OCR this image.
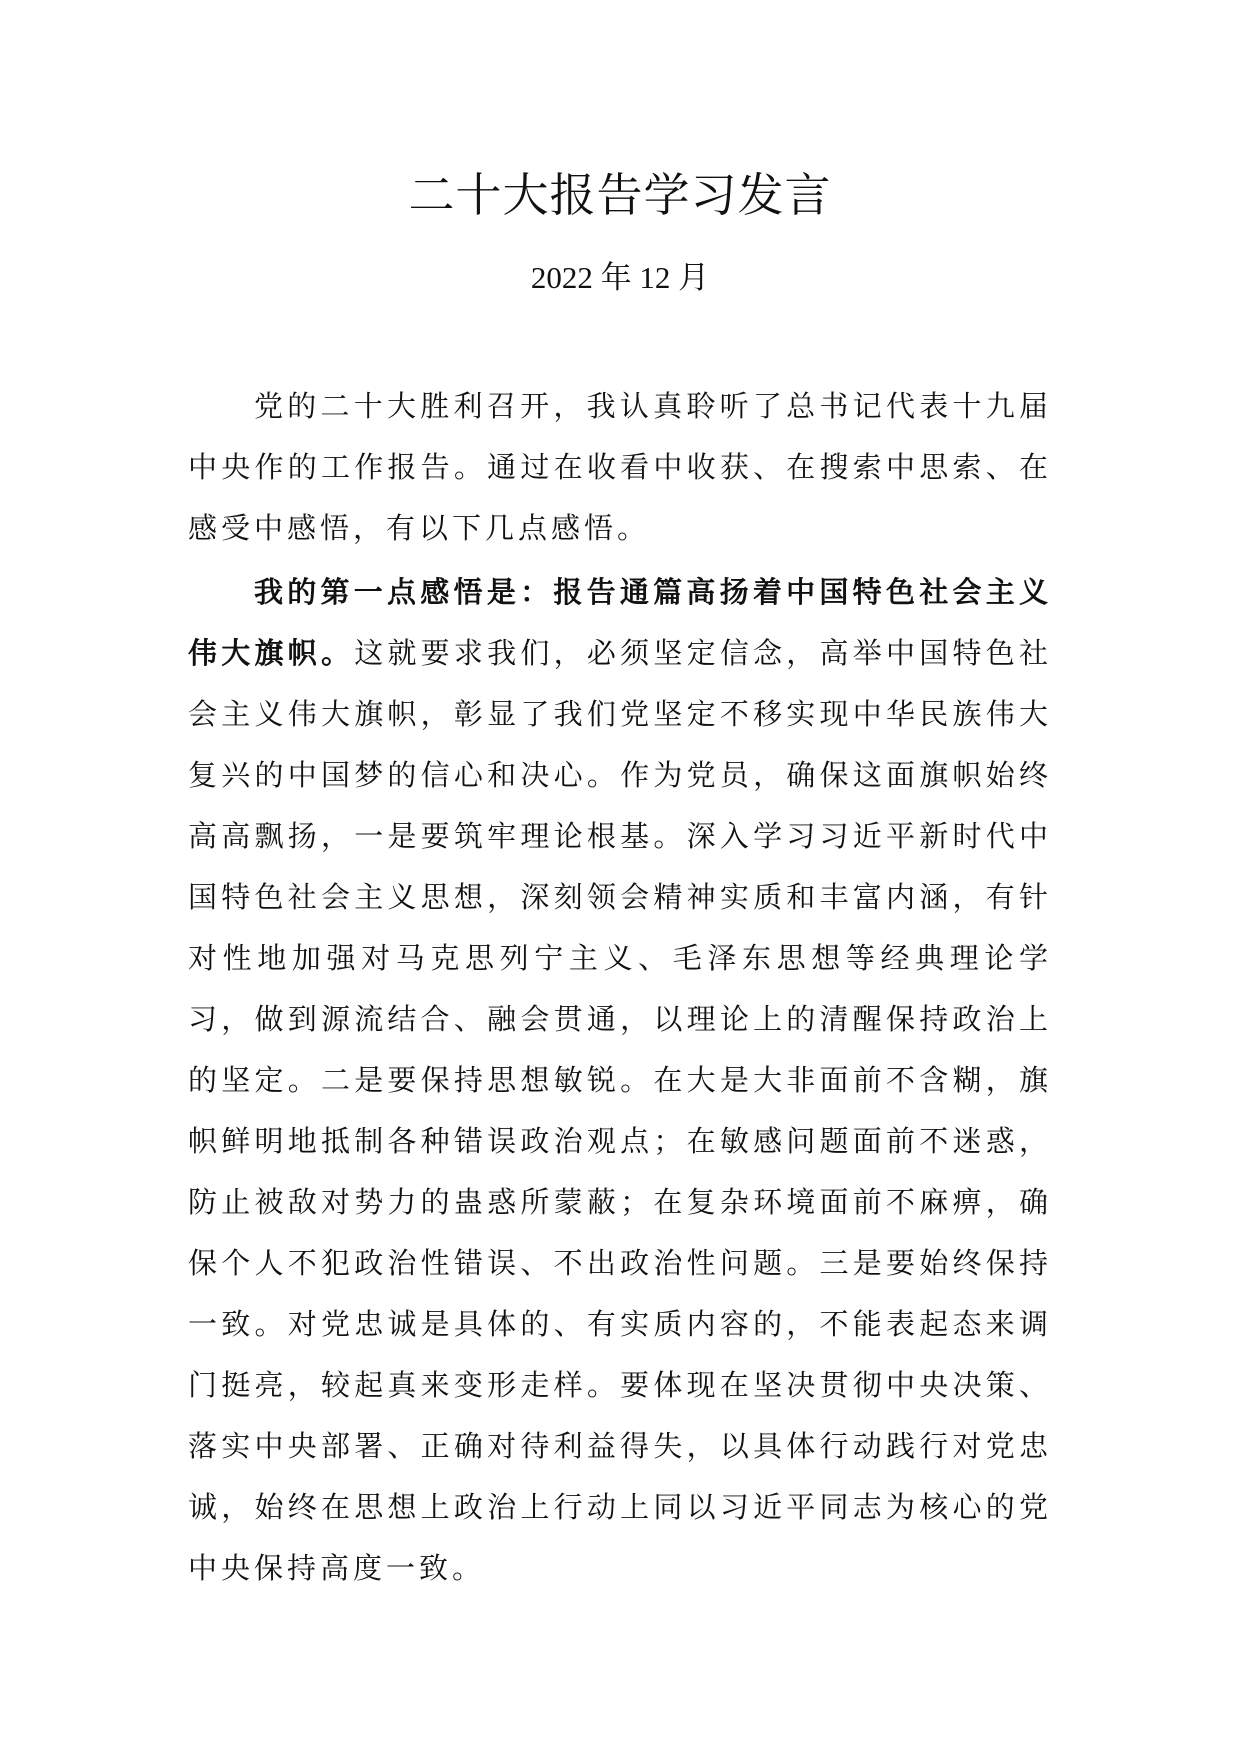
二十大报告学习发言

2022 年 12 月

党的二十大胜利召开，我认真聆听了总书记代表十九届中央作的工作报告。通过在收看中收获、在搜索中思索、在感受中感悟，有以下几点感悟。

我的第一点感悟是：报告通篇高扬着中国特色社会主义伟大旗帜。这就要求我们，必须坚定信念，高举中国特色社会主义伟大旗帜，彰显了我们党坚定不移实现中华民族伟大复兴的中国梦的信心和决心。作为党员，确保这面旗帜始终高高飘扬，一是要筑牢理论根基。深入学习习近平新时代中国特色社会主义思想，深刻领会精神实质和丰富内涵，有针对性地加强对马克思列宁主义、毛泽东思想等经典理论学习，做到源流结合、融会贯通，以理论上的清醒保持政治上的坚定。二是要保持思想敏锐。在大是大非面前不含糊，旗帜鲜明地抵制各种错误政治观点；在敏感问题面前不迷惑，防止被敌对势力的蛊惑所蒙蔽；在复杂环境面前不麻痹，确保个人不犯政治性错误、不出政治性问题。三是要始终保持一致。对党忠诚是具体的、有实质内容的，不能表起态来调门挺亮，较起真来变形走样。要体现在坚决贯彻中央决策、落实中央部署、正确对待利益得失，以具体行动践行对党忠诚，始终在思想上政治上行动上同以习近平同志为核心的党中央保持高度一致。
